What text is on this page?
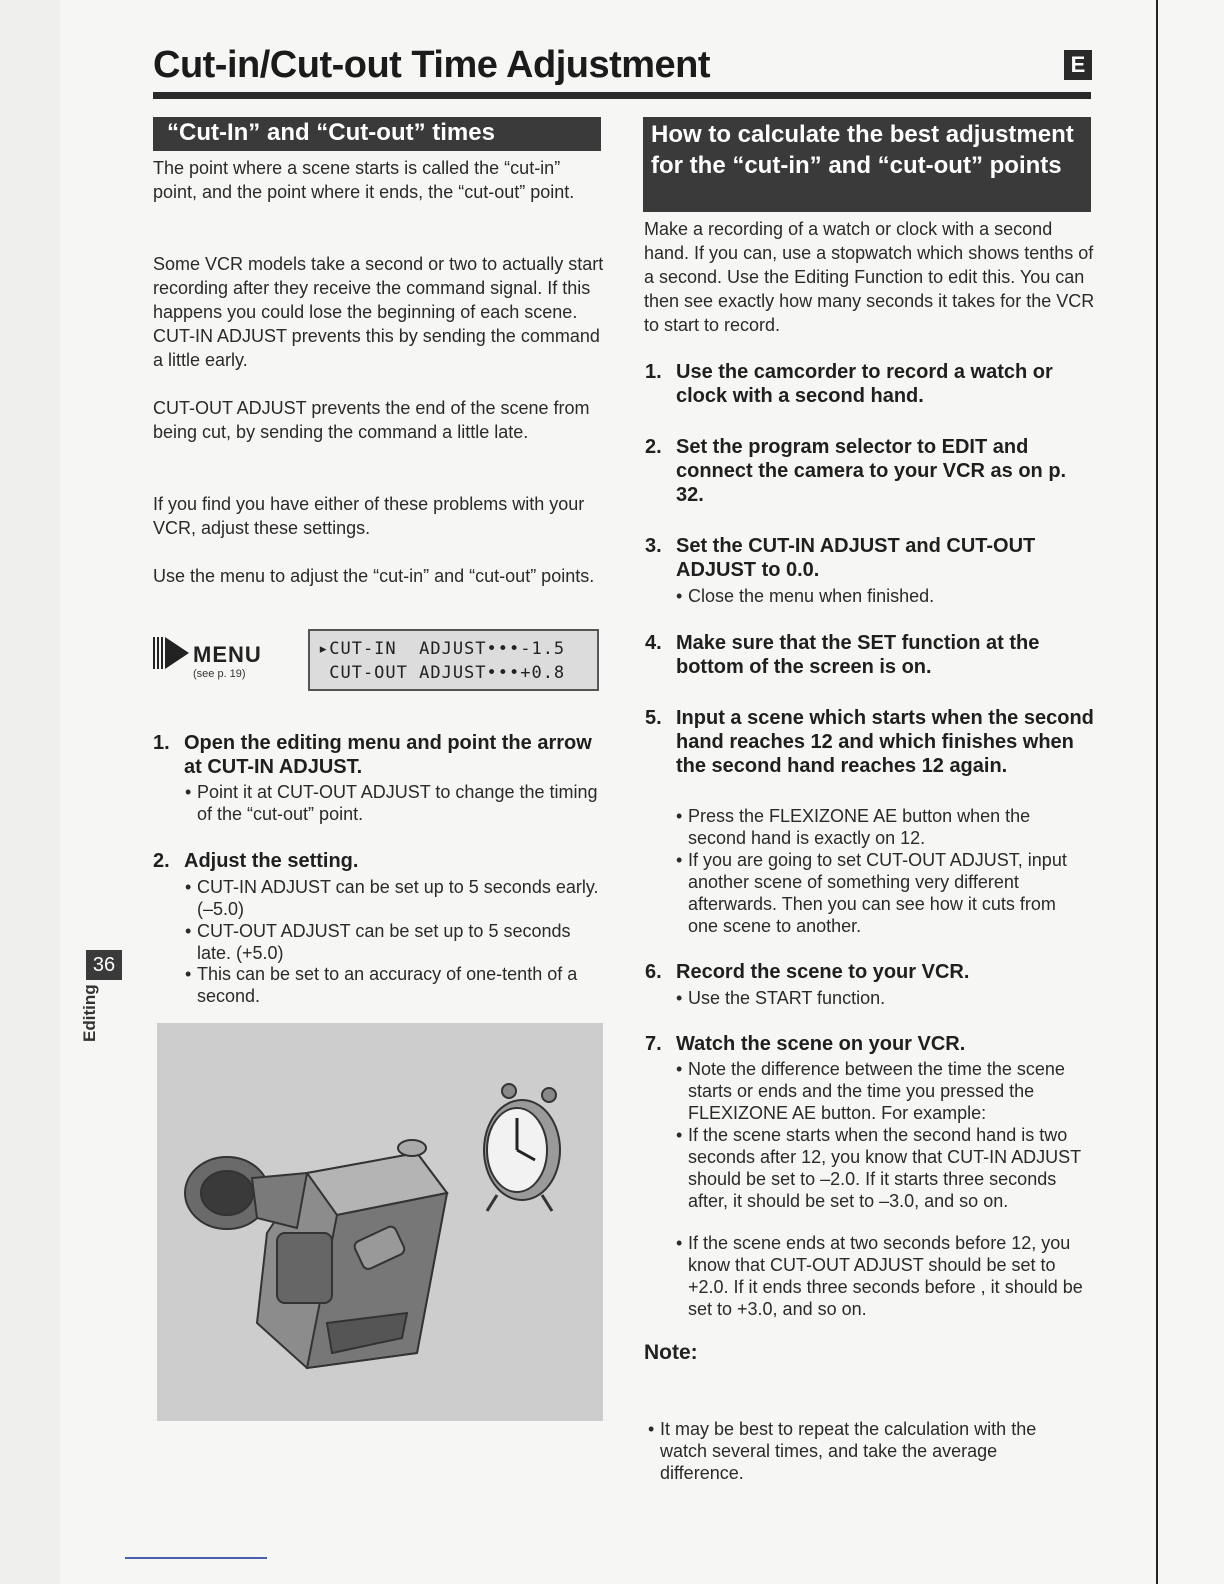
Cut-in/Cut-out Time Adjustment	E
“Cut-In” and “Cut-out” times
The point where a scene starts is called the “cut-in” point, and the point where it ends, the “cut-out” point.
Some VCR models take a second or two to actually start recording after they receive the command signal. If this happens you could lose the beginning of each scene. CUT-IN ADJUST prevents this by sending the command a little early.
CUT-OUT ADJUST prevents the end of the scene from being cut, by sending the command a little late.
If you find you have either of these problems with your VCR, adjust these settings.
Use the menu to adjust the “cut-in” and “cut-out” points.
MENU
(see p. 19)
▸CUT-IN  ADJUST•••-1.5
CUT-OUT ADJUST•••+0.8
1. Open the editing menu and point the arrow at CUT-IN ADJUST.
• Point it at CUT-OUT ADJUST to change the timing of the “cut-out” point.
2. Adjust the setting.
• CUT-IN ADJUST can be set up to 5 seconds early. (–5.0)
• CUT-OUT ADJUST can be set up to 5 seconds late. (+5.0)
• This can be set to an accuracy of one-tenth of a second.
36
Editing
How to calculate the best adjustment for the “cut-in” and “cut-out” points
Make a recording of a watch or clock with a second hand. If you can, use a stopwatch which shows tenths of a second. Use the Editing Function to edit this. You can then see exactly how many seconds it takes for the VCR to start to record.
1. Use the camcorder to record a watch or clock with a second hand.
2. Set the program selector to EDIT and connect the camera to your VCR as on p. 32.
3. Set the CUT-IN ADJUST and CUT-OUT ADJUST to 0.0.
• Close the menu when finished.
4. Make sure that the SET function at the bottom of the screen is on.
5. Input a scene which starts when the second hand reaches 12 and which finishes when the second hand reaches 12 again.
• Press the FLEXIZONE AE button when the second hand is exactly on 12.
• If you are going to set CUT-OUT ADJUST, input another scene of something very different afterwards. Then you can see how it cuts from one scene to another.
6. Record the scene to your VCR.
• Use the START function.
7. Watch the scene on your VCR.
• Note the difference between the time the scene starts or ends and the time you pressed the FLEXIZONE AE button. For example:
• If the scene starts when the second hand is two seconds after 12, you know that CUT-IN ADJUST should be set to –2.0. If it starts three seconds after, it should be set to –3.0, and so on.
• If the scene ends at two seconds before 12, you know that CUT-OUT ADJUST should be set to +2.0. If it ends three seconds before , it should be set to +3.0, and so on.
Note:
• It may be best to repeat the calculation with the watch several times, and take the average difference.
